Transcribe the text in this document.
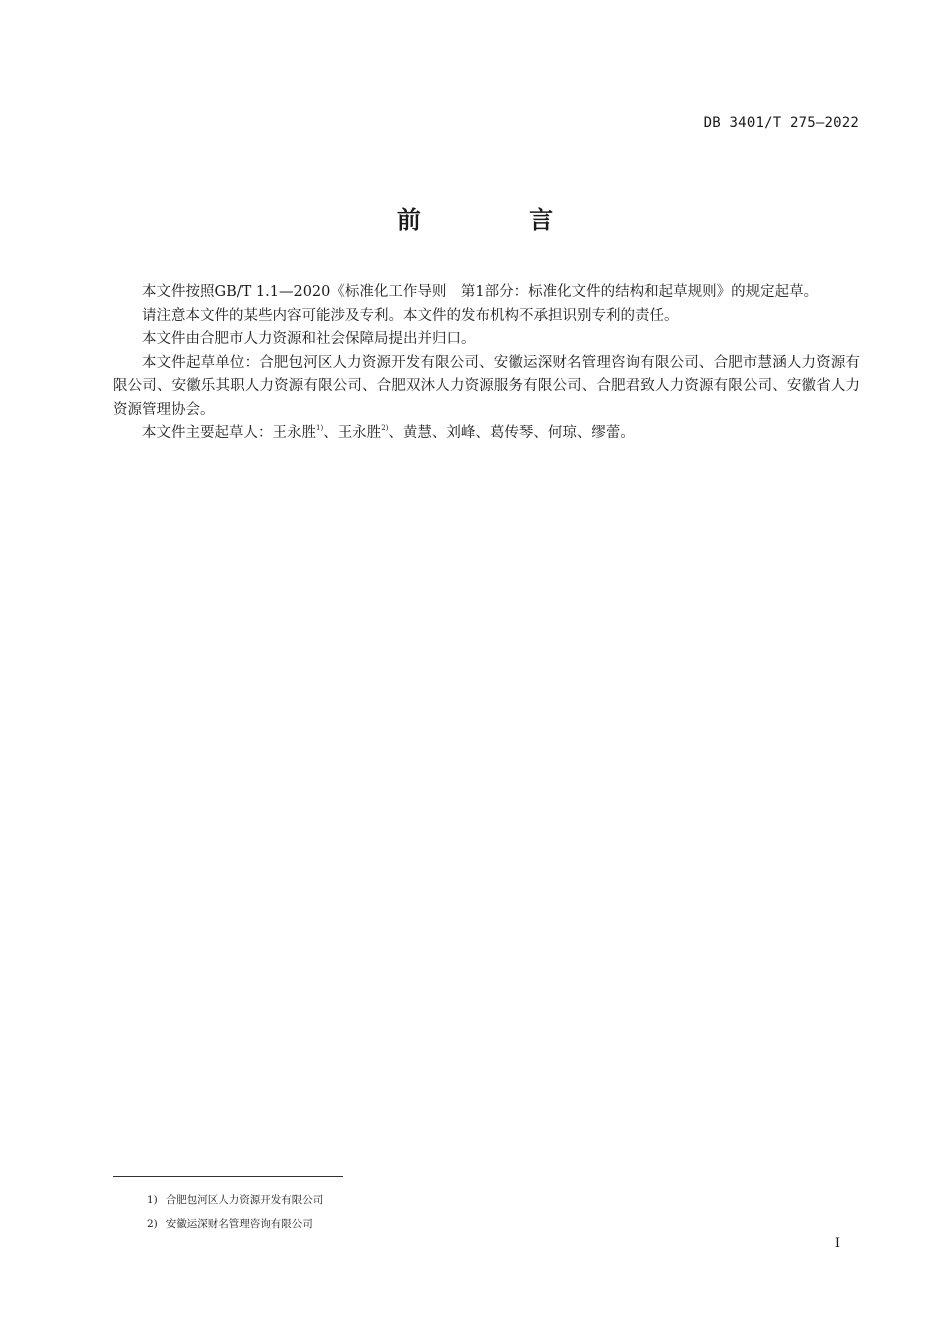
DB 3401/T 275—2022
前 言

本文件按照GB/T 1.1—2020《标准化工作导则　第1部分：标准化文件的结构和起草规则》的规定起草。

请注意本文件的某些内容可能涉及专利。本文件的发布机构不承担识别专利的责任。

本文件由合肥市人力资源和社会保障局提出并归口。

本文件起草单位：合肥包河区人力资源开发有限公司、安徽运深财名管理咨询有限公司、合肥市慧涵人力资源有限公司、安徽乐其职人力资源有限公司、合肥双沐人力资源服务有限公司、合肥君致人力资源有限公司、安徽省人力资源管理协会。

本文件主要起草人：王永胜$^{1)}$、王永胜$^{2)}$、黄慧、刘峰、葛传琴、何琼、缪蕾。

1) 合肥包河区人力资源开发有限公司
2) 安徽运深财名管理咨询有限公司
I
